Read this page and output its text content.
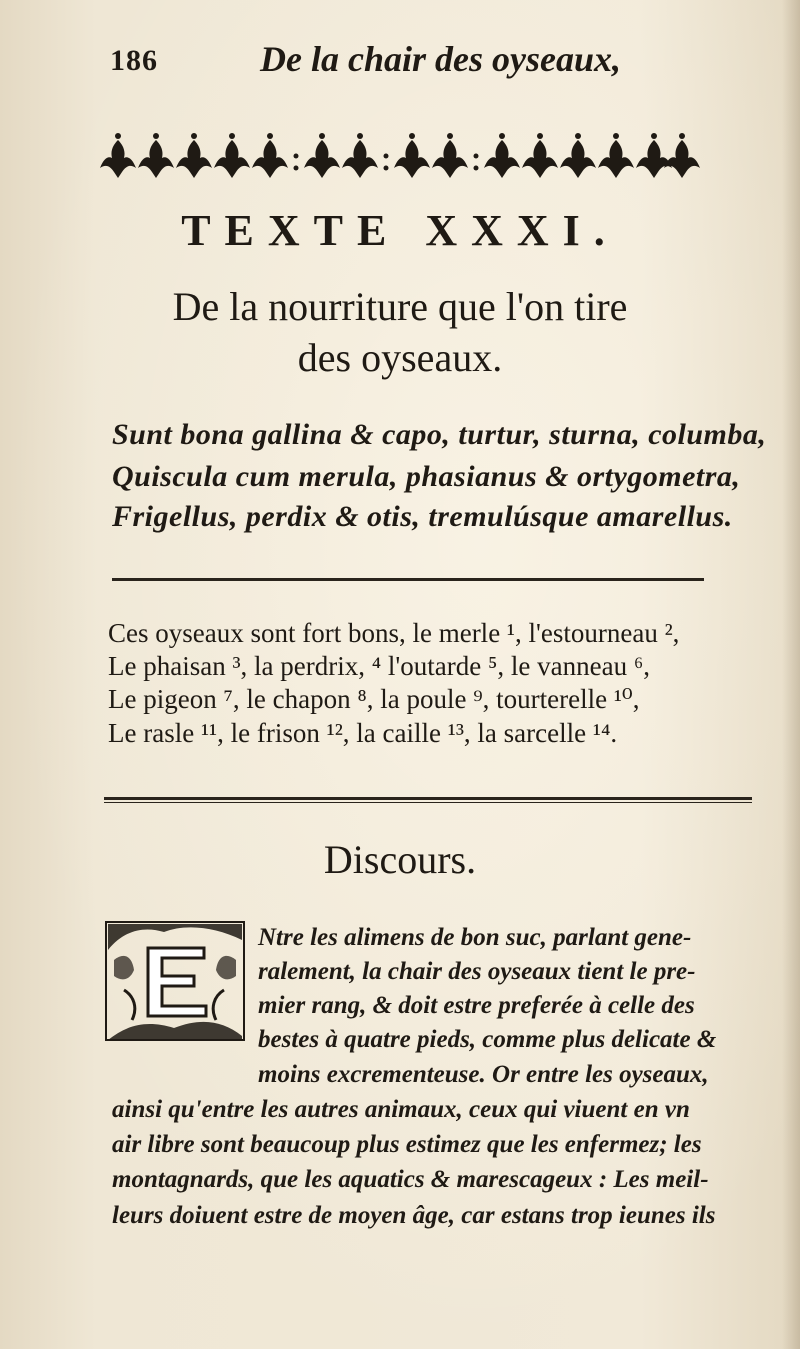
186	De la chair des oyseaux,
TEXTE XXXI.
De la nourriture que l'on tire
des oyseaux.
Sunt bona gallina & capo, turtur, sturna, columba,
Quiscula cum merula, phasianus & ortygometra,
Frigellus, perdix & otis, tremulúsque amarellus.
Ces oyseaux sont fort bons, le merle ¹, l'estourneau ²,
Le phaisan ³, la perdrix, ⁴ l'outarde ⁵, le vanneau ⁶,
Le pigeon ⁷, le chapon ⁸, la poule ⁹, tourterelle ¹⁰,
Le rasle ¹¹, le frison ¹², la caille ¹³, la sarcelle ¹⁴.
Discours.
Ntre les alimens de bon suc, parlant gene-
ralement, la chair des oyseaux tient le pre-
mier rang, & doit estre preferée à celle des
bestes à quatre pieds, comme plus delicate &
moins excrementeuse. Or entre les oyseaux,
ainsi qu'entre les autres animaux, ceux qui viuent en vn
air libre sont beaucoup plus estimez que les enfermez; les
montagnards, que les aquatics & marescageux : Les meil-
leurs doiuent estre de moyen âge, car estans trop ieunes ils
